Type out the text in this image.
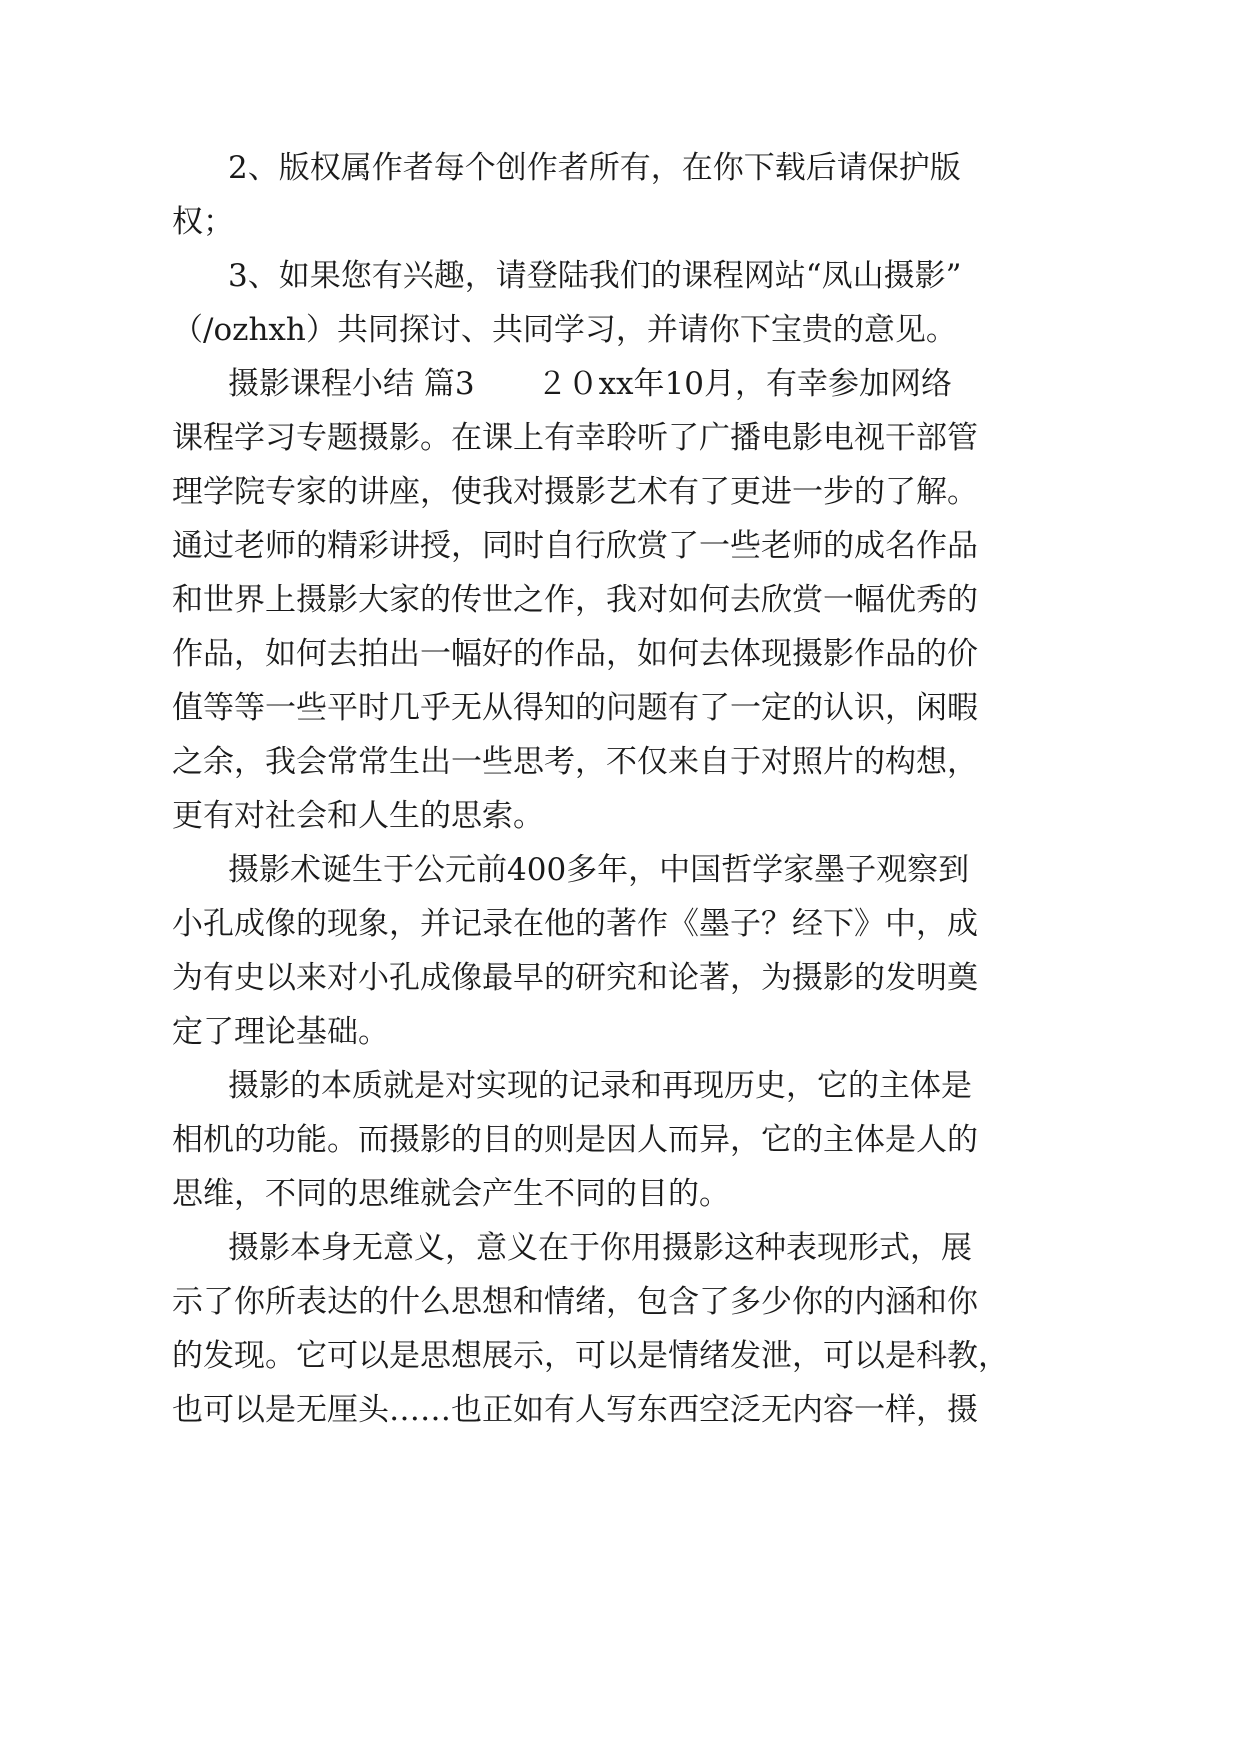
2、版权属作者每个创作者所有，在你下载后请保护版
权；
3、如果您有兴趣，请登陆我们的课程网站“凤山摄影”
（/ozhxh）共同探讨、共同学习，并请你下宝贵的意见。
摄影课程小结 篇3　　２０xx年10月，有幸参加网络
课程学习专题摄影。在课上有幸聆听了广播电影电视干部管
理学院专家的讲座，使我对摄影艺术有了更进一步的了解。
通过老师的精彩讲授，同时自行欣赏了一些老师的成名作品
和世界上摄影大家的传世之作，我对如何去欣赏一幅优秀的
作品，如何去拍出一幅好的作品，如何去体现摄影作品的价
值等等一些平时几乎无从得知的问题有了一定的认识，闲暇
之余，我会常常生出一些思考，不仅来自于对照片的构想，
更有对社会和人生的思索。
摄影术诞生于公元前400多年，中国哲学家墨子观察到
小孔成像的现象，并记录在他的著作《墨子？经下》中，成
为有史以来对小孔成像最早的研究和论著，为摄影的发明奠
定了理论基础。
摄影的本质就是对实现的记录和再现历史，它的主体是
相机的功能。而摄影的目的则是因人而异，它的主体是人的
思维，不同的思维就会产生不同的目的。
摄影本身无意义，意义在于你用摄影这种表现形式，展
示了你所表达的什么思想和情绪，包含了多少你的内涵和你
的发现。它可以是思想展示，可以是情绪发泄，可以是科教，
也可以是无厘头……也正如有人写东西空泛无内容一样，摄
